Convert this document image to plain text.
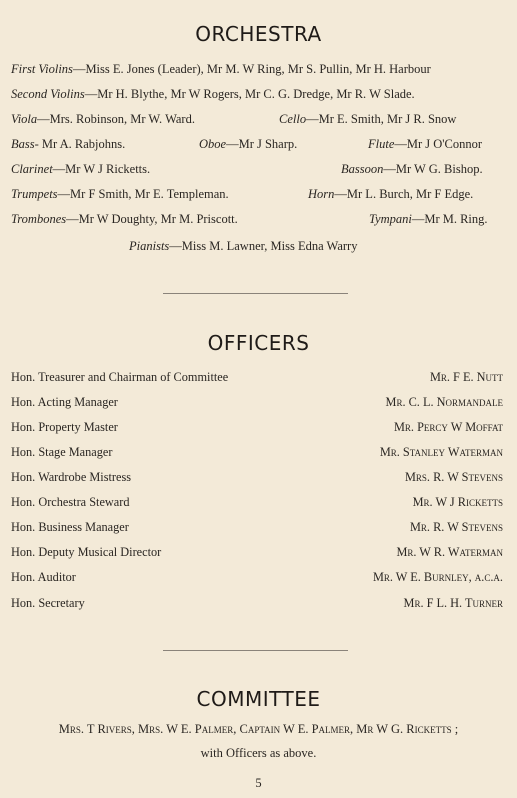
ORCHESTRA
First Violins—Miss E. Jones (Leader), Mr M. W Ring, Mr S. Pullin, Mr H. Harbour
Second Violins—Mr H. Blythe, Mr W Rogers, Mr C. G. Dredge, Mr R. W Slade.
Viola—Mrs. Robinson, Mr W. Ward.	Cello—Mr E. Smith, Mr J R. Snow
Bass- Mr A. Rabjohns.	Oboe—Mr J Sharp.	Flute—Mr J O'Connor
Clarinet—Mr W J Ricketts.	Bassoon—Mr W G. Bishop.
Trumpets—Mr F Smith, Mr E. Templeman.	Horn—Mr L. Burch, Mr F Edge.
Trombones—Mr W Doughty, Mr M. Priscott.	Tympani—Mr M. Ring.
Pianists—Miss M. Lawner, Miss Edna Warry
OFFICERS
Hon. Treasurer and Chairman of Committee	Mr. F E. Nutt
Hon. Acting Manager	Mr. C. L. Normandale
Hon. Property Master	Mr. Percy W Moffat
Hon. Stage Manager	Mr. Stanley Waterman
Hon. Wardrobe Mistress	Mrs. R. W Stevens
Hon. Orchestra Steward	Mr. W J Ricketts
Hon. Business Manager	Mr. R. W Stevens
Hon. Deputy Musical Director	Mr. W R. Waterman
Hon. Auditor	Mr. W E. Burnley, a.c.a.
Hon. Secretary	Mr. F L. H. Turner
COMMITTEE
Mrs. T Rivers, Mrs. W E. Palmer, Captain W E. Palmer, Mr W G. Ricketts ;
with Officers as above.
5
